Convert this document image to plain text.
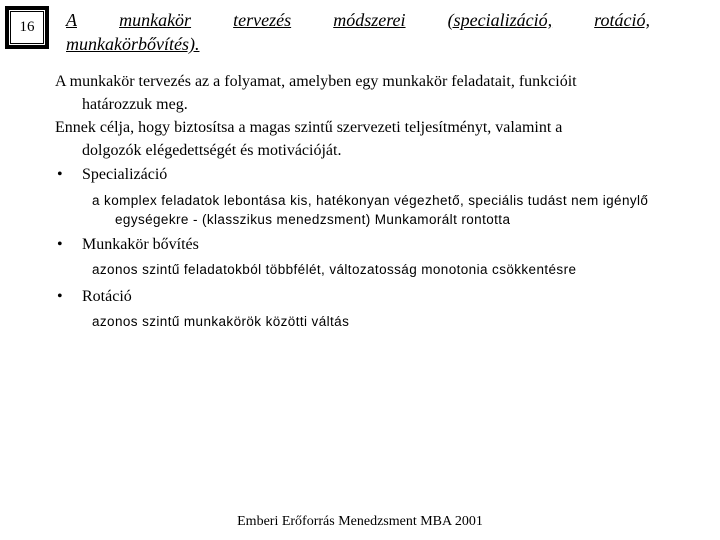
16	A munkakör tervezés módszerei (specializáció, rotáció,
munkakörbővítés).

A munkakör tervezés az a folyamat, amelyben egy munkakör feladatait, funkcióit
határozzuk meg.

Ennek célja, hogy biztosítsa a magas szintű szervezeti teljesítményt, valamint a
dolgozók elégedettségét és motivációját.

• Specializáció
a komplex feladatok lebontása kis, hatékonyan végezhető, speciális tudást nem igénylő
egységekre - (klasszikus menedzsment) Munkamorált rontotta
• Munkakör bővítés
azonos szintű feladatokból többfélét, változatosság monotonia csökkentésre
• Rotáció
azonos szintű munkakörök közötti váltás
Emberi Erőforrás Menedzsment MBA 2001
